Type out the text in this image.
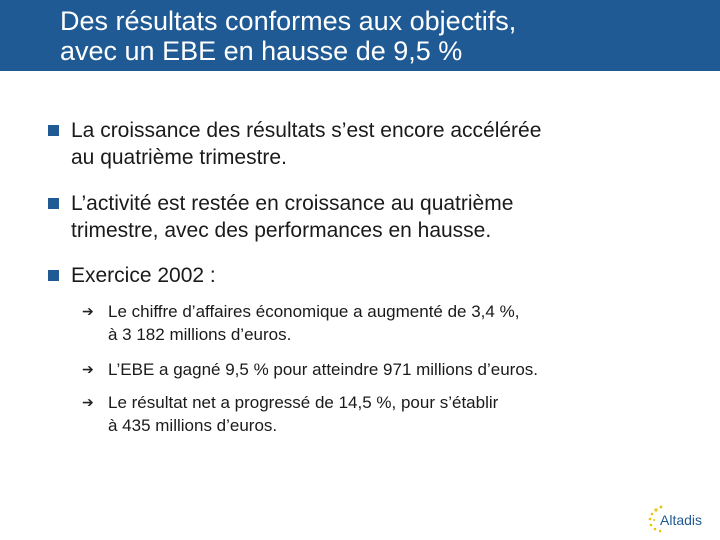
Des résultats conformes aux objectifs,
avec un EBE en hausse de 9,5 %
La croissance des résultats s’est encore accélérée
au quatrième trimestre.
L’activité est restée en croissance au quatrième
trimestre, avec des performances en hausse.
Exercice 2002 :
➔ Le chiffre d’affaires économique a augmenté de 3,4 %,
à 3 182 millions d’euros.
➔ L’EBE a gagné 9,5 % pour atteindre 971 millions d’euros.
➔ Le résultat net a progressé de 14,5 %, pour s’établir
à 435 millions d’euros.
Altadis
